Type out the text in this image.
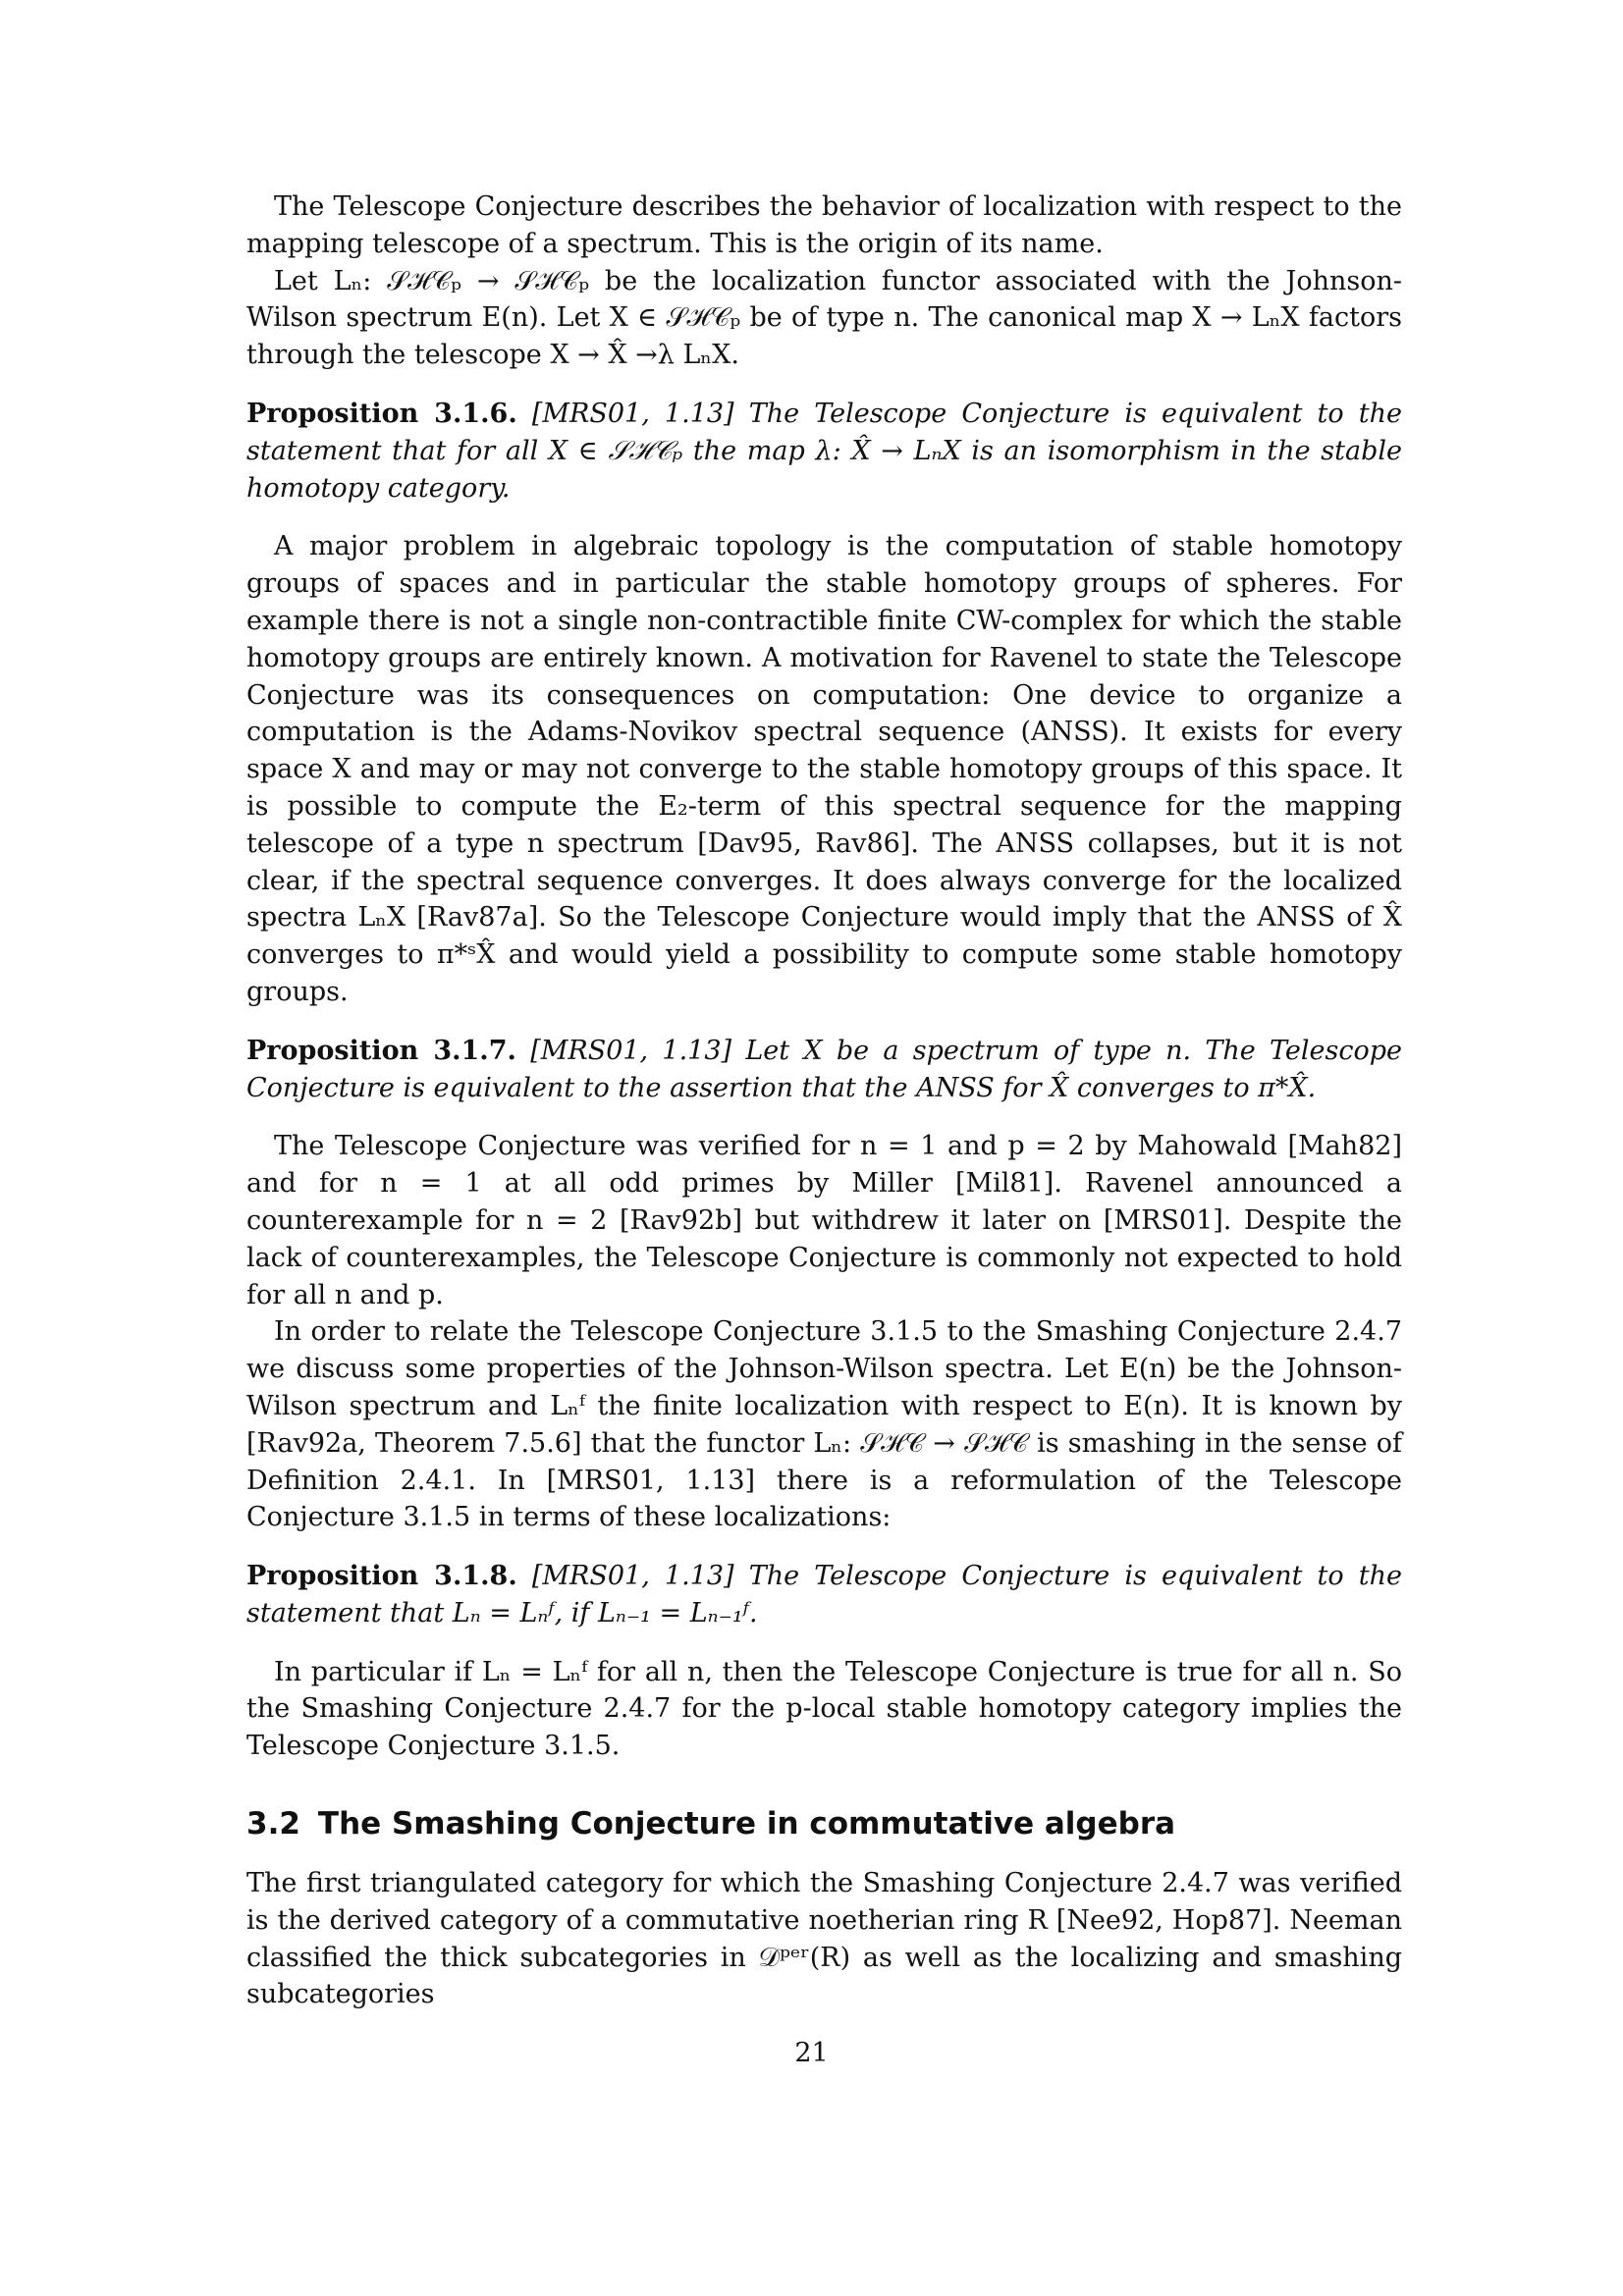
The Telescope Conjecture describes the behavior of localization with respect to the mapping telescope of a spectrum. This is the origin of its name.

Let Lₙ: 𝒮ℋ𝒞ₚ → 𝒮ℋ𝒞ₚ be the localization functor associated with the Johnson-Wilson spectrum E(n). Let X ∈ 𝒮ℋ𝒞ₚ be of type n. The canonical map X → LₙX factors through the telescope X → X̂ →λ LₙX.

Proposition 3.1.6. [MRS01, 1.13] The Telescope Conjecture is equivalent to the statement that for all X ∈ 𝒮ℋ𝒞ₚ the map λ: X̂ → LₙX is an isomorphism in the stable homotopy category.

A major problem in algebraic topology is the computation of stable homotopy groups of spaces and in particular the stable homotopy groups of spheres. For example there is not a single non-contractible finite CW-complex for which the stable homotopy groups are entirely known. A motivation for Ravenel to state the Telescope Conjecture was its consequences on computation: One device to organize a computation is the Adams-Novikov spectral sequence (ANSS). It exists for every space X and may or may not converge to the stable homotopy groups of this space. It is possible to compute the E₂-term of this spectral sequence for the mapping telescope of a type n spectrum [Dav95, Rav86]. The ANSS collapses, but it is not clear, if the spectral sequence converges. It does always converge for the localized spectra LₙX [Rav87a]. So the Telescope Conjecture would imply that the ANSS of X̂ converges to π*ˢX̂ and would yield a possibility to compute some stable homotopy groups.

Proposition 3.1.7. [MRS01, 1.13] Let X be a spectrum of type n. The Telescope Conjecture is equivalent to the assertion that the ANSS for X̂ converges to π*X̂.

The Telescope Conjecture was verified for n = 1 and p = 2 by Mahowald [Mah82] and for n = 1 at all odd primes by Miller [Mil81]. Ravenel announced a counterexample for n = 2 [Rav92b] but withdrew it later on [MRS01]. Despite the lack of counterexamples, the Telescope Conjecture is commonly not expected to hold for all n and p.

In order to relate the Telescope Conjecture 3.1.5 to the Smashing Conjecture 2.4.7 we discuss some properties of the Johnson-Wilson spectra. Let E(n) be the Johnson-Wilson spectrum and Lₙᶠ the finite localization with respect to E(n). It is known by [Rav92a, Theorem 7.5.6] that the functor Lₙ: 𝒮ℋ𝒞 → 𝒮ℋ𝒞 is smashing in the sense of Definition 2.4.1. In [MRS01, 1.13] there is a reformulation of the Telescope Conjecture 3.1.5 in terms of these localizations:

Proposition 3.1.8. [MRS01, 1.13] The Telescope Conjecture is equivalent to the statement that Lₙ = Lₙᶠ, if Lₙ₋₁ = Lₙ₋₁ᶠ.

In particular if Lₙ = Lₙᶠ for all n, then the Telescope Conjecture is true for all n. So the Smashing Conjecture 2.4.7 for the p-local stable homotopy category implies the Telescope Conjecture 3.1.5.

3.2 The Smashing Conjecture in commutative algebra

The first triangulated category for which the Smashing Conjecture 2.4.7 was verified is the derived category of a commutative noetherian ring R [Nee92, Hop87]. Neeman classified the thick subcategories in 𝒟ᵖᵉʳ(R) as well as the localizing and smashing subcategories

21
